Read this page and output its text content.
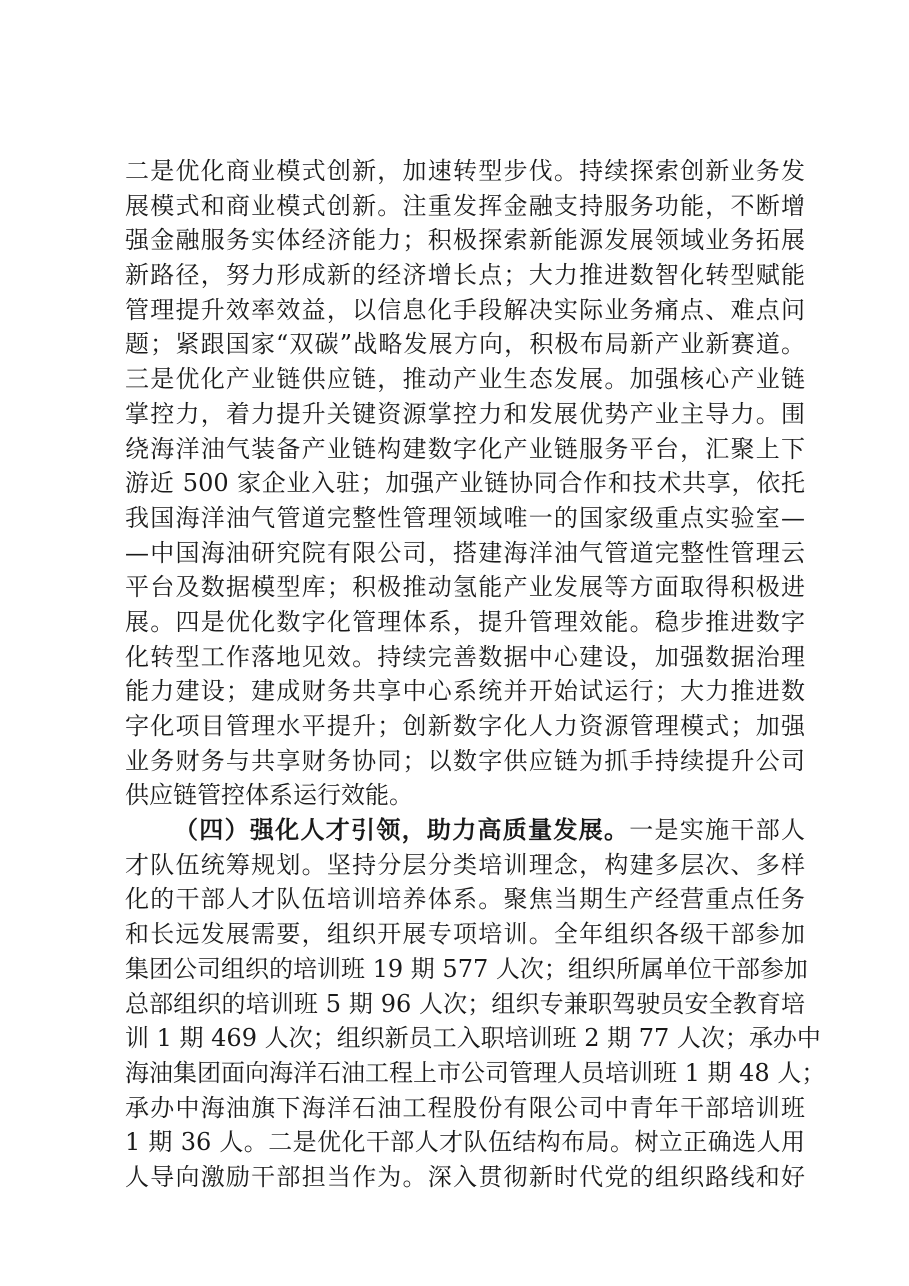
二是优化商业模式创新，加速转型步伐。持续探索创新业务发
展模式和商业模式创新。注重发挥金融支持服务功能，不断增
强金融服务实体经济能力；积极探索新能源发展领域业务拓展
新路径，努力形成新的经济增长点；大力推进数智化转型赋能
管理提升效率效益，以信息化手段解决实际业务痛点、难点问
题；紧跟国家“双碳”战略发展方向，积极布局新产业新赛道。
三是优化产业链供应链，推动产业生态发展。加强核心产业链
掌控力，着力提升关键资源掌控力和发展优势产业主导力。围
绕海洋油气装备产业链构建数字化产业链服务平台，汇聚上下
游近 500 家企业入驻；加强产业链协同合作和技术共享，依托
我国海洋油气管道完整性管理领域唯一的国家级重点实验室—
—中国海油研究院有限公司，搭建海洋油气管道完整性管理云
平台及数据模型库；积极推动氢能产业发展等方面取得积极进
展。四是优化数字化管理体系，提升管理效能。稳步推进数字
化转型工作落地见效。持续完善数据中心建设，加强数据治理
能力建设；建成财务共享中心系统并开始试运行；大力推进数
字化项目管理水平提升；创新数字化人力资源管理模式；加强
业务财务与共享财务协同；以数字供应链为抓手持续提升公司
供应链管控体系运行效能。
（四）强化人才引领，助力高质量发展。一是实施干部人
才队伍统筹规划。坚持分层分类培训理念，构建多层次、多样
化的干部人才队伍培训培养体系。聚焦当期生产经营重点任务
和长远发展需要，组织开展专项培训。全年组织各级干部参加
集团公司组织的培训班 19 期 577 人次；组织所属单位干部参加
总部组织的培训班 5 期 96 人次；组织专兼职驾驶员安全教育培
训 1 期 469 人次；组织新员工入职培训班 2 期 77 人次；承办中
海油集团面向海洋石油工程上市公司管理人员培训班 1 期 48 人；
承办中海油旗下海洋石油工程股份有限公司中青年干部培训班
1 期 36 人。二是优化干部人才队伍结构布局。树立正确选人用
人导向激励干部担当作为。深入贯彻新时代党的组织路线和好
